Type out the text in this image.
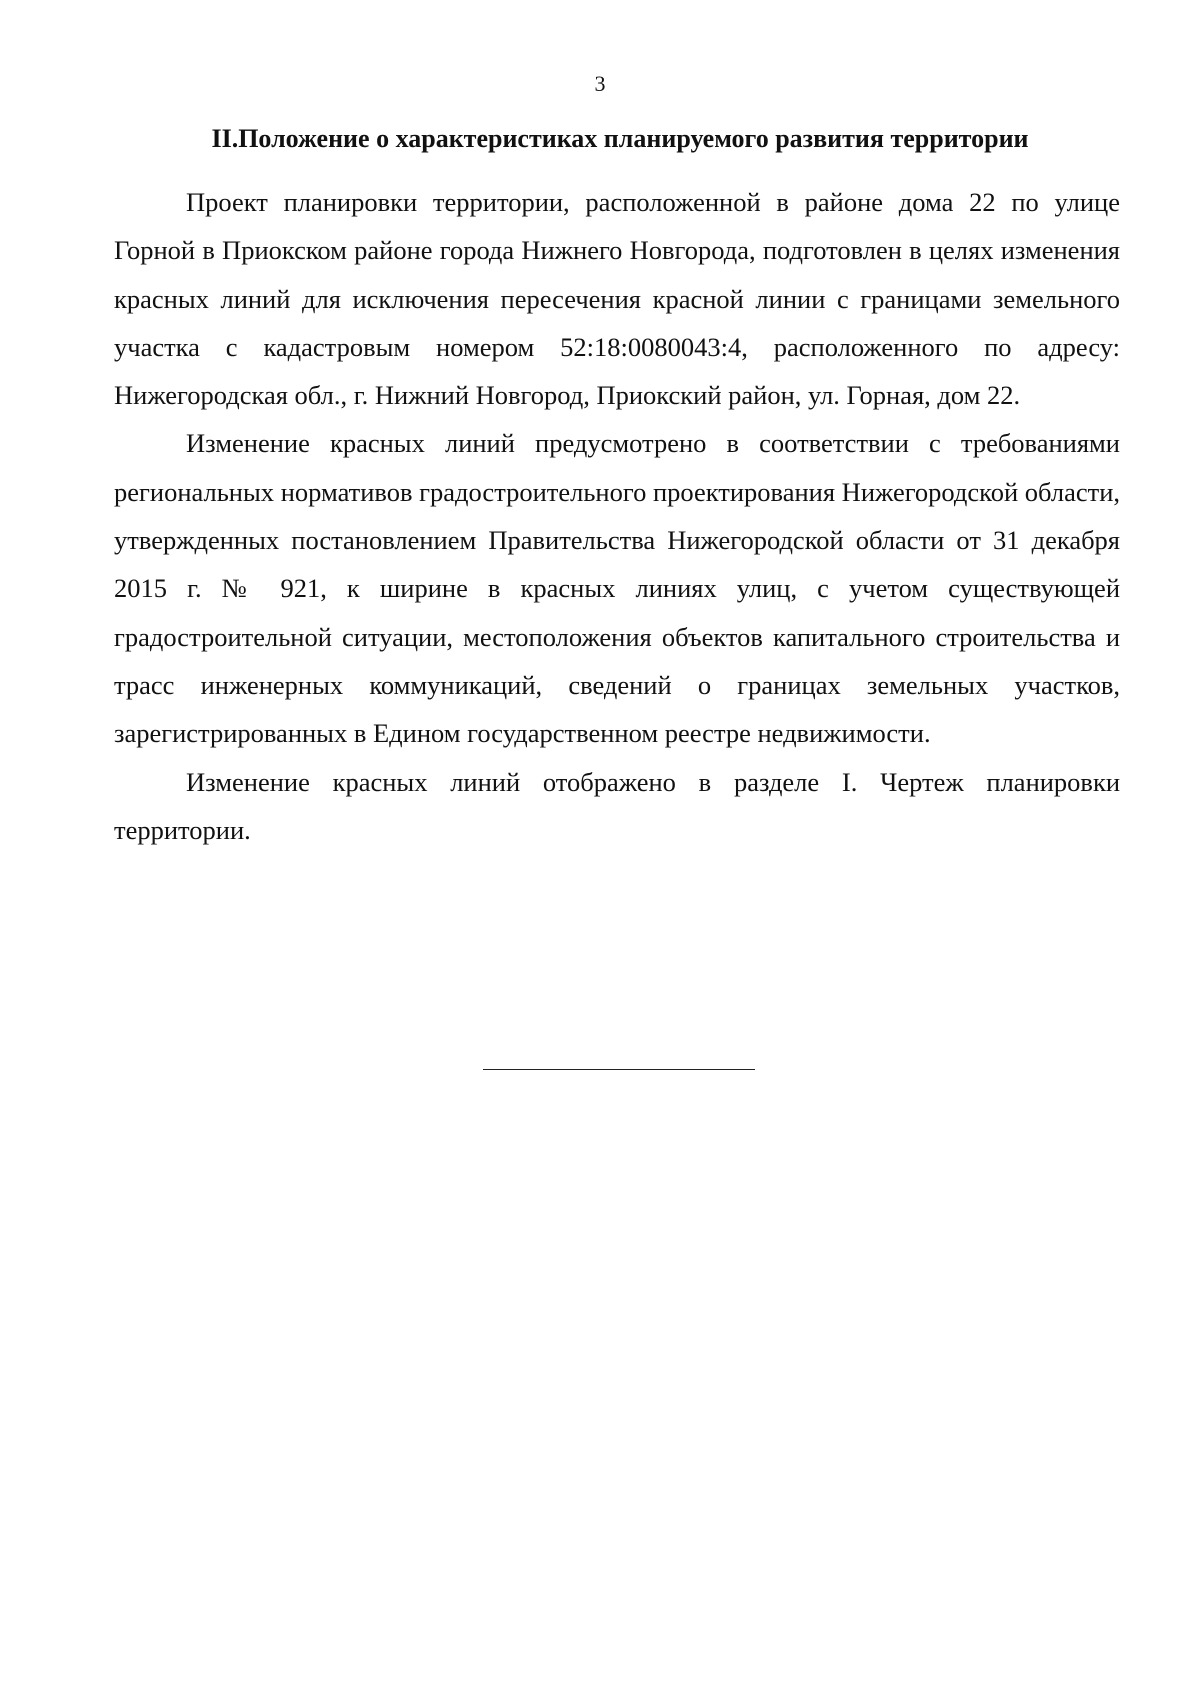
3
II.Положение о характеристиках планируемого развития территории

Проект планировки территории, расположенной в районе дома 22 по улице Горной в Приокском районе города Нижнего Новгорода, подготовлен в целях изменения красных линий для исключения пересечения красной линии с границами земельного участка с кадастровым номером 52:18:0080043:4, расположенного по адресу: Нижегородская обл., г. Нижний Новгород, Приокский район, ул. Горная, дом 22.

Изменение красных линий предусмотрено в соответствии с требованиями региональных нормативов градостроительного проектирования Нижегородской области, утвержденных постановлением Правительства Нижегородской области от 31 декабря 2015 г. № 921, к ширине в красных линиях улиц, с учетом существующей градостроительной ситуации, местоположения объектов капитального строительства и трасс инженерных коммуникаций, сведений о границах земельных участков, зарегистрированных в Едином государственном реестре недвижимости.

Изменение красных линий отображено в разделе I. Чертеж планировки территории.
